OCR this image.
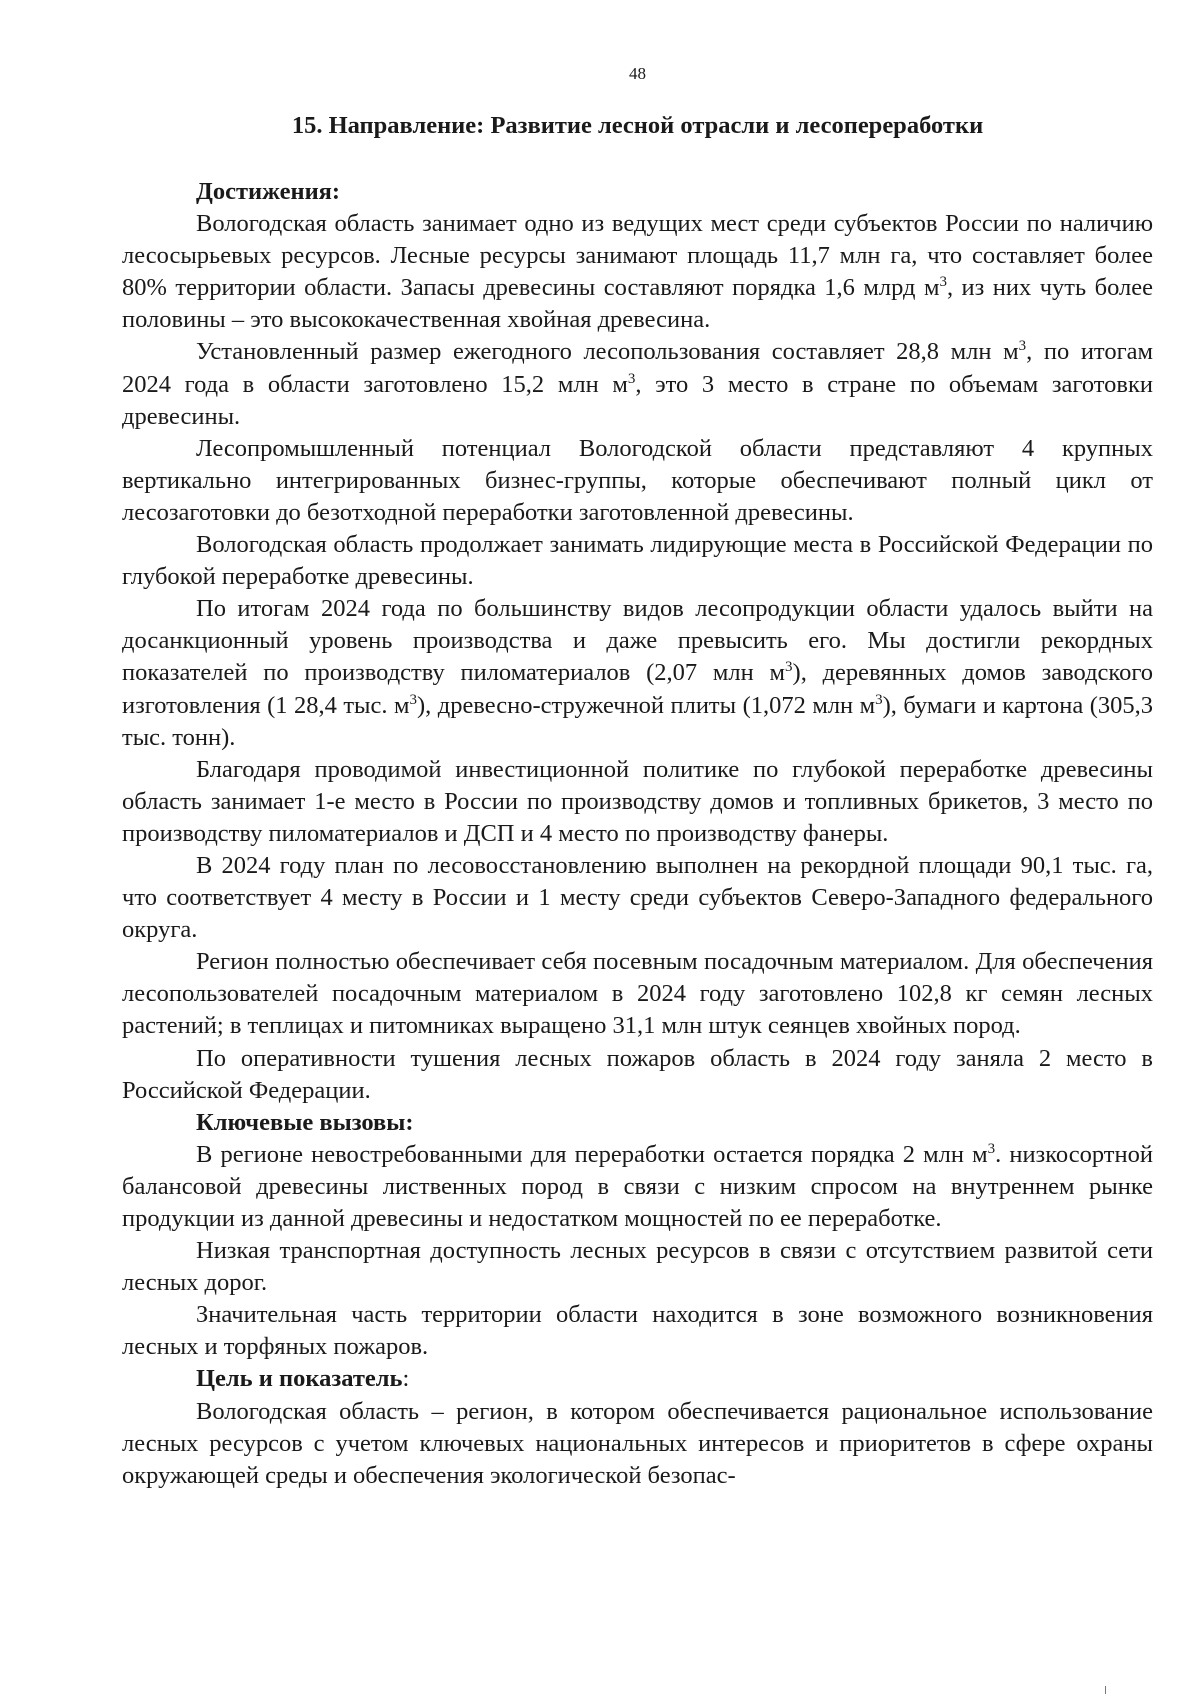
48
15. Направление: Развитие лесной отрасли и лесопереработки
Достижения:

Вологодская область занимает одно из ведущих мест среди субъектов России по наличию лесосырьевых ресурсов. Лесные ресурсы занимают площадь 11,7 млн га, что составляет более 80% территории области. Запасы древесины составляют порядка 1,6 млрд $м^3$, из них чуть более половины – это высококачественная хвойная древесина.

Установленный размер ежегодного лесопользования составляет 28,8 млн $м^3$, по итогам 2024 года в области заготовлено 15,2 млн $м^3$, это 3 место в стране по объемам заготовки древесины.

Лесопромышленный потенциал Вологодской области представляют 4 крупных вертикально интегрированных бизнес-группы, которые обеспечивают полный цикл от лесозаготовки до безотходной переработки заготовленной древесины.

Вологодская область продолжает занимать лидирующие места в Российской Федерации по глубокой переработке древесины.

По итогам 2024 года по большинству видов лесопродукции области удалось выйти на досанкционный уровень производства и даже превысить его. Мы достигли рекордных показателей по производству пиломатериалов (2,07 млн $м^3$), деревянных домов заводского изготовления (1 28,4 тыс. $м^3$), древесно-стружечной плиты (1,072 млн $м^3$), бумаги и картона (305,3 тыс. тонн).

Благодаря проводимой инвестиционной политике по глубокой переработке древесины область занимает 1-е место в России по производству домов и топливных брикетов, 3 место по производству пиломатериалов и ДСП и 4 место по производству фанеры.

В 2024 году план по лесовосстановлению выполнен на рекордной площади 90,1 тыс. га, что соответствует 4 месту в России и 1 месту среди субъектов Северо-Западного федерального округа.

Регион полностью обеспечивает себя посевным посадочным материалом. Для обеспечения лесопользователей посадочным материалом в 2024 году заготовлено 102,8 кг семян лесных растений; в теплицах и питомниках выращено 31,1 млн штук сеянцев хвойных пород.

По оперативности тушения лесных пожаров область в 2024 году заняла 2 место в Российской Федерации.

Ключевые вызовы:

В регионе невостребованными для переработки остается порядка 2 млн $м^3$. низкосортной балансовой древесины лиственных пород в связи с низким спросом на внутреннем рынке продукции из данной древесины и недостатком мощностей по ее переработке.

Низкая транспортная доступность лесных ресурсов в связи с отсутствием развитой сети лесных дорог.

Значительная часть территории области находится в зоне возможного возникновения лесных и торфяных пожаров.

Цель и показатель:

Вологодская область – регион, в котором обеспечивается рациональное использование лесных ресурсов с учетом ключевых национальных интересов и приоритетов в сфере охраны окружающей среды и обеспечения экологической безопас-
